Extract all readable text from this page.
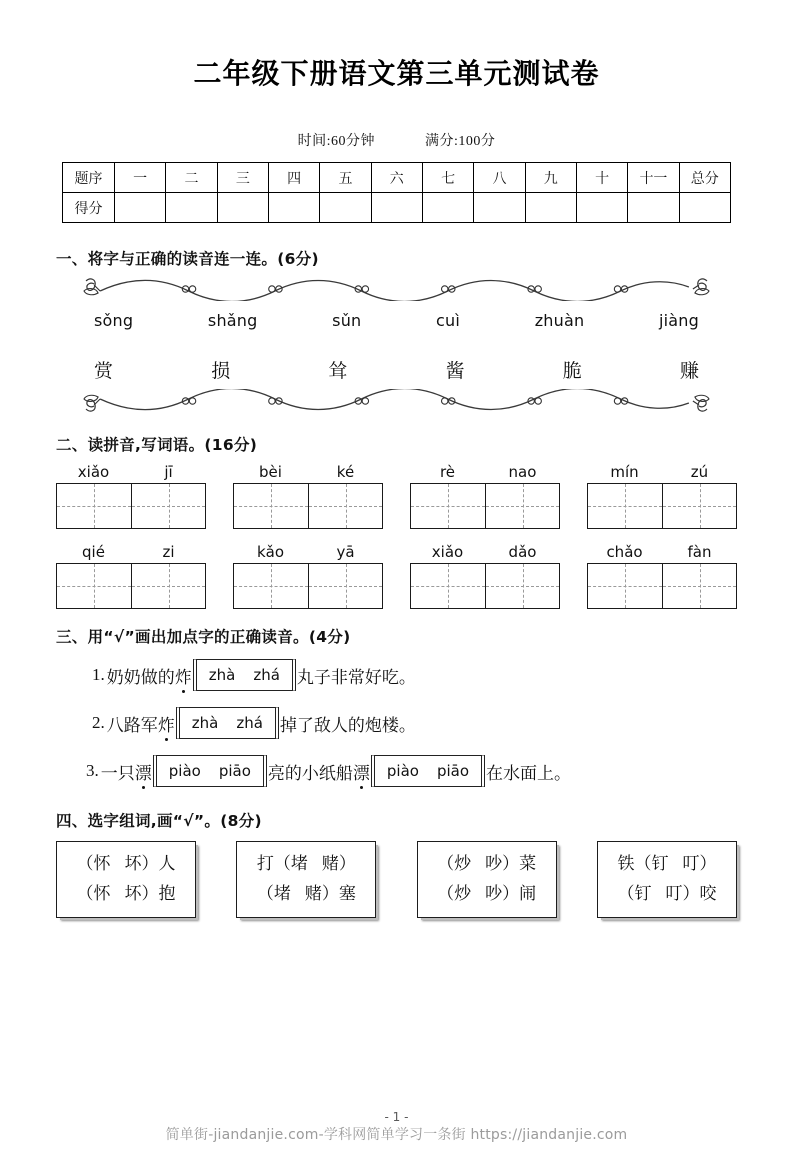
二年级下册语文第三单元测试卷
时间:60分钟	满分:100分
题序	一	二	三	四	五	六	七	八	九	十	十一	总分
得分												
一、将字与正确的读音连一连。(6分)
sǒng	shǎng	sǔn	cuì	zhuàn	jiàng
赏	损	耸	酱	脆	赚
二、读拼音,写词语。(16分)
xiǎo	jī	bèi	ké	rè	nao	mín	zú
qié	zi	kǎo	yā	xiǎo	dǎo	chǎo	fàn
三、用“√”画出加点字的正确读音。(4分)
1. 奶奶做的 炸 zhà zhá 丸子非常好吃。
2. 八路军 炸 zhà zhá 掉了敌人的炮楼。
3. 一只 漂 piào piāo 亮的小纸船 漂 piào piāo 在水面上。
四、选字组词,画“√”。(8分)
（怀 坏）人
（怀 坏）抱
打（堵 赌）
（堵 赌）塞
（炒 吵）菜
（炒 吵）闹
铁（钉 叮）
（钉 叮）咬
- 1 -
简单街-jiandanjie.com-学科网简单学习一条街 https://jiandanjie.com
